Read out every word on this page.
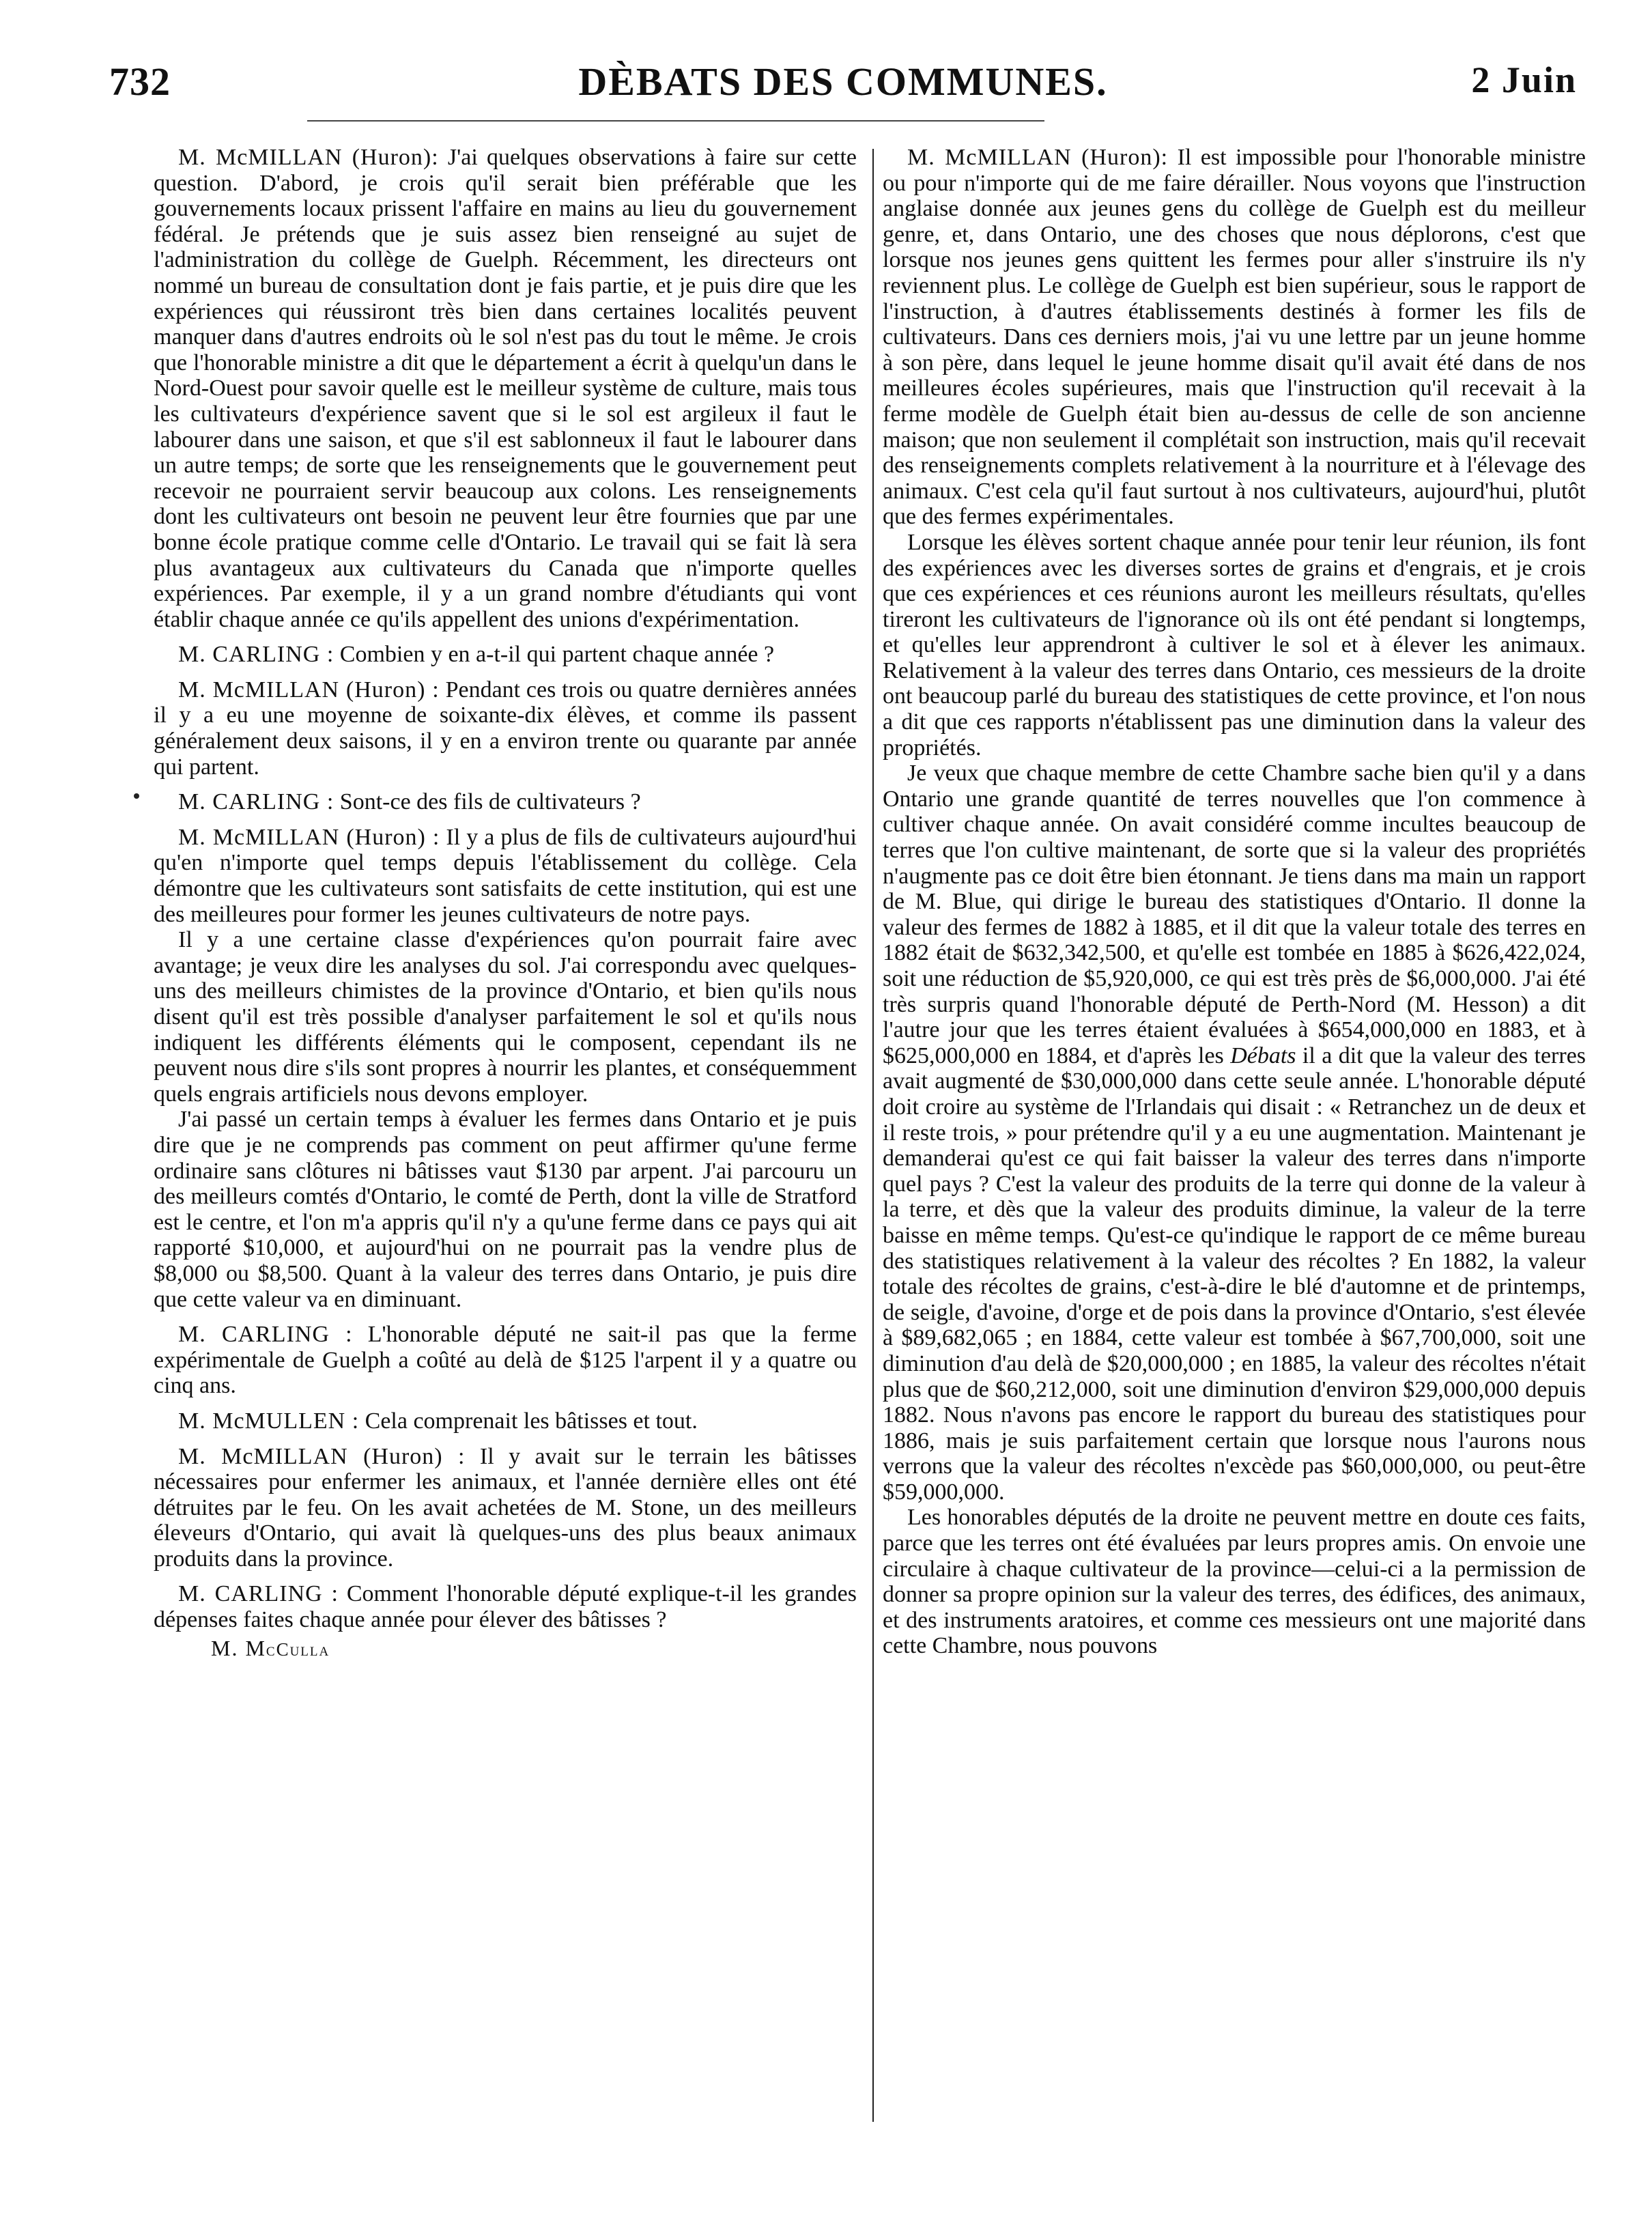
732	DÈBATS DES COMMUNES.	2 Juin

M. McMILLAN (Huron): J'ai quelques observations à faire sur cette question. D'abord, je crois qu'il serait bien préférable que les gouvernements locaux prissent l'affaire en mains au lieu du gouvernement fédéral. Je prétends que je suis assez bien renseigné au sujet de l'administration du collège de Guelph. Récemment, les directeurs ont nommé un bureau de consultation dont je fais partie, et je puis dire que les expériences qui réussiront très bien dans certaines localités peuvent manquer dans d'autres endroits où le sol n'est pas du tout le même. Je crois que l'honorable ministre a dit que le département a écrit à quelqu'un dans le Nord-Ouest pour savoir quelle est le meilleur système de culture, mais tous les cultivateurs d'expérience savent que si le sol est argileux il faut le labourer dans une saison, et que s'il est sablonneux il faut le labourer dans un autre temps; de sorte que les renseignements que le gouvernement peut recevoir ne pourraient servir beaucoup aux colons. Les renseignements dont les cultivateurs ont besoin ne peuvent leur être fournies que par une bonne école pratique comme celle d'Ontario. Le travail qui se fait là sera plus avantageux aux cultivateurs du Canada que n'importe quelles expériences. Par exemple, il y a un grand nombre d'étudiants qui vont établir chaque année ce qu'ils appellent des unions d'expérimentation.

M. CARLING : Combien y en a-t-il qui partent chaque année ?

M. McMILLAN (Huron) : Pendant ces trois ou quatre dernières années il y a eu une moyenne de soixante-dix élèves, et comme ils passent généralement deux saisons, il y en a environ trente ou quarante par année qui partent.

M. CARLING : Sont-ce des fils de cultivateurs ?

M. McMILLAN (Huron) : Il y a plus de fils de cultivateurs aujourd'hui qu'en n'importe quel temps depuis l'établissement du collège. Cela démontre que les cultivateurs sont satisfaits de cette institution, qui est une des meilleures pour former les jeunes cultivateurs de notre pays.

Il y a une certaine classe d'expériences qu'on pourrait faire avec avantage; je veux dire les analyses du sol. J'ai correspondu avec quelques-uns des meilleurs chimistes de la province d'Ontario, et bien qu'ils nous disent qu'il est très possible d'analyser parfaitement le sol et qu'ils nous indiquent les différents éléments qui le composent, cependant ils ne peuvent nous dire s'ils sont propres à nourrir les plantes, et conséquemment quels engrais artificiels nous devons employer.

J'ai passé un certain temps à évaluer les fermes dans Ontario et je puis dire que je ne comprends pas comment on peut affirmer qu'une ferme ordinaire sans clôtures ni bâtisses vaut $130 par arpent. J'ai parcouru un des meilleurs comtés d'Ontario, le comté de Perth, dont la ville de Stratford est le centre, et l'on m'a appris qu'il n'y a qu'une ferme dans ce pays qui ait rapporté $10,000, et aujourd'hui on ne pourrait pas la vendre plus de $8,000 ou $8,500. Quant à la valeur des terres dans Ontario, je puis dire que cette valeur va en diminuant.

M. CARLING : L'honorable député ne sait-il pas que la ferme expérimentale de Guelph a coûté au delà de $125 l'arpent il y a quatre ou cinq ans.

M. McMULLEN : Cela comprenait les bâtisses et tout.

M. McMILLAN (Huron) : Il y avait sur le terrain les bâtisses nécessaires pour enfermer les animaux, et l'année dernière elles ont été détruites par le feu. On les avait achetées de M. Stone, un des meilleurs éleveurs d'Ontario, qui avait là quelques-uns des plus beaux animaux produits dans la province.

M. CARLING : Comment l'honorable député explique-t-il les grandes dépenses faites chaque année pour élever des bâtisses ?

M. McCulla

M. McMILLAN (Huron): Il est impossible pour l'honorable ministre ou pour n'importe qui de me faire dérailler. Nous voyons que l'instruction anglaise donnée aux jeunes gens du collège de Guelph est du meilleur genre, et, dans Ontario, une des choses que nous déplorons, c'est que lorsque nos jeunes gens quittent les fermes pour aller s'instruire ils n'y reviennent plus. Le collège de Guelph est bien supérieur, sous le rapport de l'instruction, à d'autres établissements destinés à former les fils de cultivateurs. Dans ces derniers mois, j'ai vu une lettre par un jeune homme à son père, dans lequel le jeune homme disait qu'il avait été dans de nos meilleures écoles supérieures, mais que l'instruction qu'il recevait à la ferme modèle de Guelph était bien au-dessus de celle de son ancienne maison; que non seulement il complétait son instruction, mais qu'il recevait des renseignements complets relativement à la nourriture et à l'élevage des animaux. C'est cela qu'il faut surtout à nos cultivateurs, aujourd'hui, plutôt que des fermes expérimentales.

Lorsque les élèves sortent chaque année pour tenir leur réunion, ils font des expériences avec les diverses sortes de grains et d'engrais, et je crois que ces expériences et ces réunions auront les meilleurs résultats, qu'elles tireront les cultivateurs de l'ignorance où ils ont été pendant si longtemps, et qu'elles leur apprendront à cultiver le sol et à élever les animaux. Relativement à la valeur des terres dans Ontario, ces messieurs de la droite ont beaucoup parlé du bureau des statistiques de cette province, et l'on nous a dit que ces rapports n'établissent pas une diminution dans la valeur des propriétés.

Je veux que chaque membre de cette Chambre sache bien qu'il y a dans Ontario une grande quantité de terres nouvelles que l'on commence à cultiver chaque année. On avait considéré comme incultes beaucoup de terres que l'on cultive maintenant, de sorte que si la valeur des propriétés n'augmente pas ce doit être bien étonnant. Je tiens dans ma main un rapport de M. Blue, qui dirige le bureau des statistiques d'Ontario. Il donne la valeur des fermes de 1882 à 1885, et il dit que la valeur totale des terres en 1882 était de $632,342,500, et qu'elle est tombée en 1885 à $626,422,024, soit une réduction de $5,920,000, ce qui est très près de $6,000,000. J'ai été très surpris quand l'honorable député de Perth-Nord (M. Hesson) a dit l'autre jour que les terres étaient évaluées à $654,000,000 en 1883, et à $625,000,000 en 1884, et d'après les Débats il a dit que la valeur des terres avait augmenté de $30,000,000 dans cette seule année. L'honorable député doit croire au système de l'Irlandais qui disait : « Retranchez un de deux et il reste trois, » pour prétendre qu'il y a eu une augmentation. Maintenant je demanderai qu'est ce qui fait baisser la valeur des terres dans n'importe quel pays ? C'est la valeur des produits de la terre qui donne de la valeur à la terre, et dès que la valeur des produits diminue, la valeur de la terre baisse en même temps. Qu'est-ce qu'indique le rapport de ce même bureau des statistiques relativement à la valeur des récoltes ? En 1882, la valeur totale des récoltes de grains, c'est-à-dire le blé d'automne et de printemps, de seigle, d'avoine, d'orge et de pois dans la province d'Ontario, s'est élevée à $89,682,065 ; en 1884, cette valeur est tombée à $67,700,000, soit une diminution d'au delà de $20,000,000 ; en 1885, la valeur des récoltes n'était plus que de $60,212,000, soit une diminution d'environ $29,000,000 depuis 1882. Nous n'avons pas encore le rapport du bureau des statistiques pour 1886, mais je suis parfaitement certain que lorsque nous l'aurons nous verrons que la valeur des récoltes n'excède pas $60,000,000, ou peut-être $59,000,000.

Les honorables députés de la droite ne peuvent mettre en doute ces faits, parce que les terres ont été évaluées par leurs propres amis. On envoie une circulaire à chaque cultivateur de la province—celui-ci a la permission de donner sa propre opinion sur la valeur des terres, des édifices, des animaux, et des instruments aratoires, et comme ces messieurs ont une majorité dans cette Chambre, nous pouvons
